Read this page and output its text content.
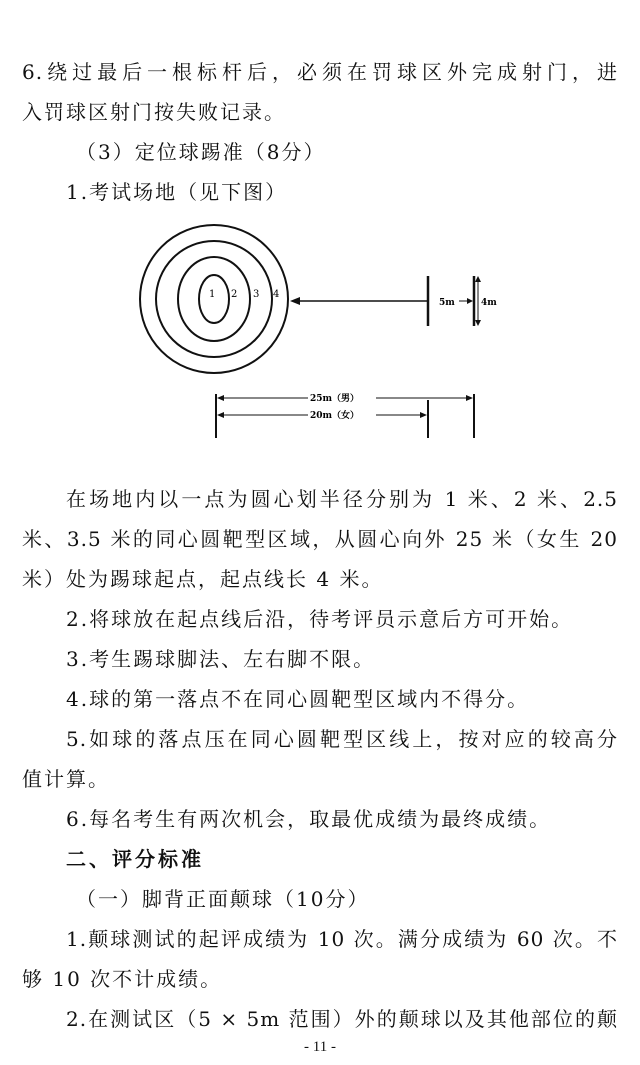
6.绕过最后一根标杆后，必须在罚球区外完成射门，进
入罚球区射门按失败记录。
（3）定位球踢准（8分）
1.考试场地（见下图）
1 2 3 4
5m	4m
25m（男）
20m（女）
在场地内以一点为圆心划半径分别为 1 米、2 米、2.5
米、3.5 米的同心圆靶型区域，从圆心向外 25 米（女生 20
米）处为踢球起点，起点线长 4 米。
2.将球放在起点线后沿，待考评员示意后方可开始。
3.考生踢球脚法、左右脚不限。
4.球的第一落点不在同心圆靶型区域内不得分。
5.如球的落点压在同心圆靶型区线上，按对应的较高分
值计算。
6.每名考生有两次机会，取最优成绩为最终成绩。
二、评分标准
（一）脚背正面颠球（10分）
1.颠球测试的起评成绩为 10 次。满分成绩为 60 次。不
够 10 次不计成绩。
2.在测试区（5 × 5m 范围）外的颠球以及其他部位的颠
- 11 -
